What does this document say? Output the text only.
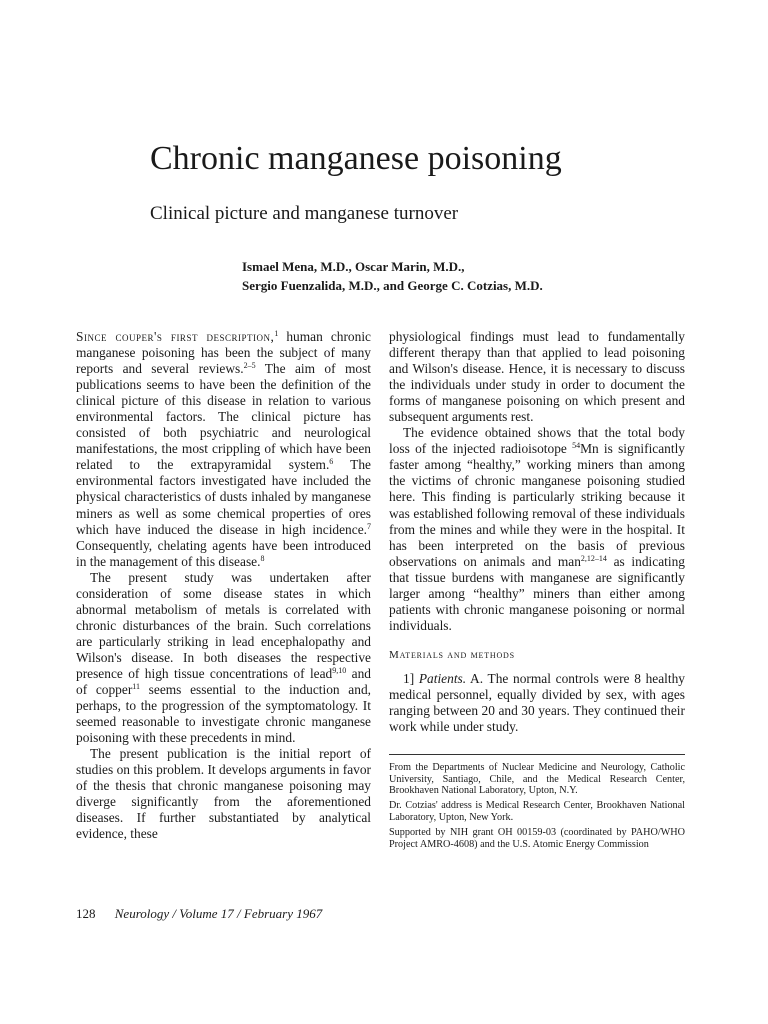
Chronic manganese poisoning
Clinical picture and manganese turnover
Ismael Mena, M.D., Oscar Marin, M.D.,
Sergio Fuenzalida, M.D., and George C. Cotzias, M.D.

Since couper's first description,$^1$ human chronic manganese poisoning has been the subject of many reports and several reviews.$^{2-5}$ The aim of most publications seems to have been the definition of the clinical picture of this disease in relation to various environmental factors. The clinical picture has consisted of both psychiatric and neurological manifestations, the most crippling of which have been related to the extrapyramidal system.$^6$ The environmental factors investigated have included the physical characteristics of dusts inhaled by manganese miners as well as some chemical properties of ores which have induced the disease in high incidence.$^7$ Consequently, chelating agents have been introduced in the management of this disease.$^8$

The present study was undertaken after consideration of some disease states in which abnormal metabolism of metals is correlated with chronic disturbances of the brain. Such correlations are particularly striking in lead encephalopathy and Wilson's disease. In both diseases the respective presence of high tissue concentrations of lead$^{9,10}$ and of copper$^{11}$ seems essential to the induction and, perhaps, to the progression of the symptomatology. It seemed reasonable to investigate chronic manganese poisoning with these precedents in mind.

The present publication is the initial report of studies on this problem. It develops arguments in favor of the thesis that chronic manganese poisoning may diverge significantly from the aforementioned diseases. If further substantiated by analytical evidence, these

physiological findings must lead to fundamentally different therapy than that applied to lead poisoning and Wilson's disease. Hence, it is necessary to discuss the individuals under study in order to document the forms of manganese poisoning on which present and subsequent arguments rest.

The evidence obtained shows that the total body loss of the injected radioisotope $^{54}$Mn is significantly faster among “healthy,” working miners than among the victims of chronic manganese poisoning studied here. This finding is particularly striking because it was established following removal of these individuals from the mines and while they were in the hospital. It has been interpreted on the basis of previous observations on animals and man$^{2,12-14}$ as indicating that tissue burdens with manganese are significantly larger among “healthy” miners than either among patients with chronic manganese poisoning or normal individuals.

Materials and methods

1] Patients. A. The normal controls were 8 healthy medical personnel, equally divided by sex, with ages ranging between 20 and 30 years. They continued their work while under study.

From the Departments of Nuclear Medicine and Neurology, Catholic University, Santiago, Chile, and the Medical Research Center, Brookhaven National Laboratory, Upton, N.Y.

Dr. Cotzias' address is Medical Research Center, Brookhaven National Laboratory, Upton, New York.

Supported by NIH grant OH 00159-03 (coordinated by PAHO/WHO Project AMRO-4608) and the U.S. Atomic Energy Commission

128 Neurology / Volume 17 / February 1967
